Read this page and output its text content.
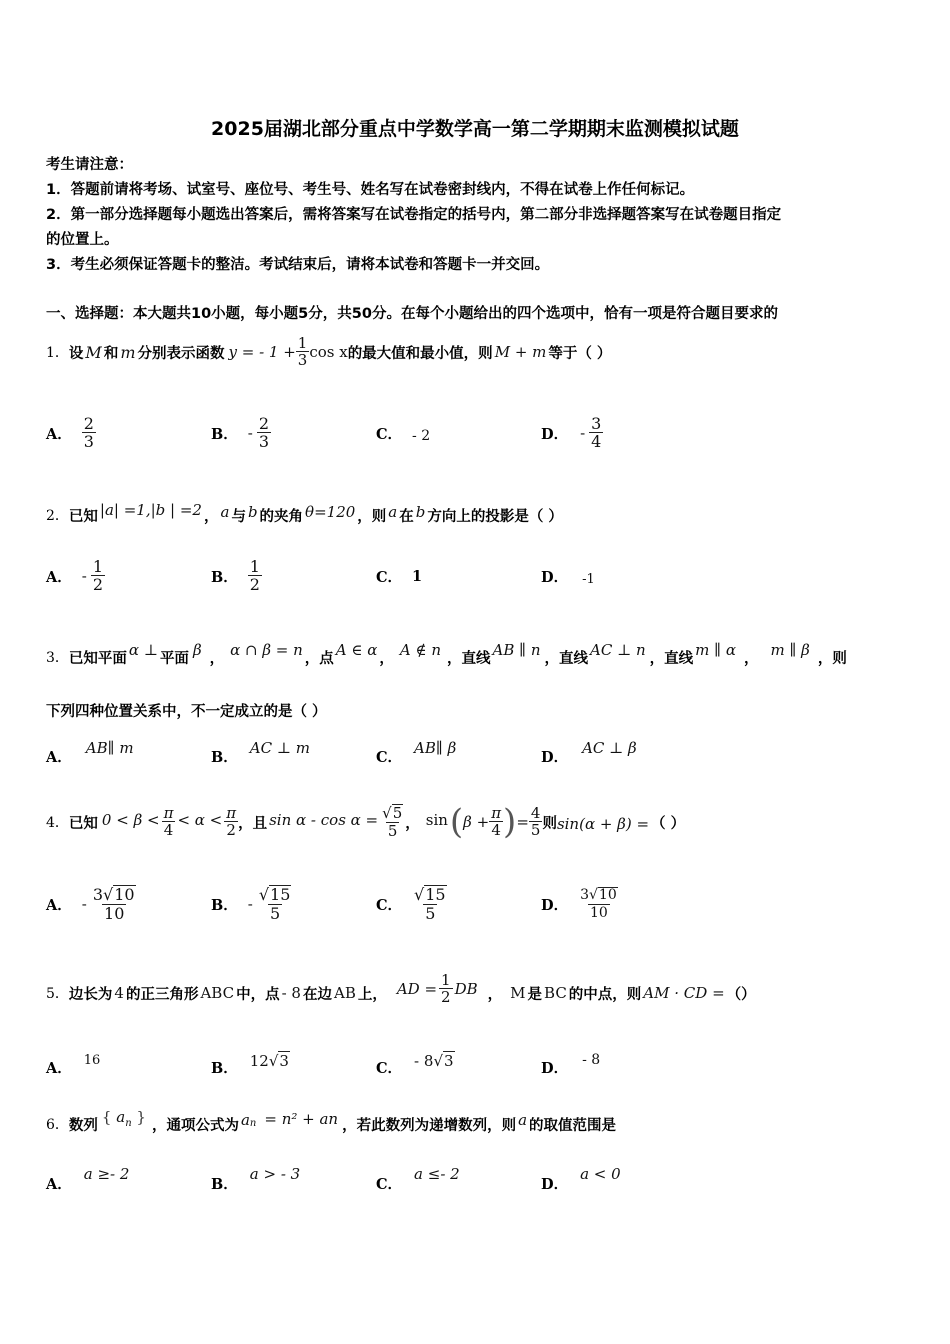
2025届湖北部分重点中学数学高一第二学期期末监测模拟试题
考生请注意：
1．答题前请将考场、试室号、座位号、考生号、姓名写在试卷密封线内，不得在试卷上作任何标记。
2．第一部分选择题每小题选出答案后，需将答案写在试卷指定的括号内，第二部分非选择题答案写在试卷题目指定
的位置上。
3．考生必须保证答题卡的整洁。考试结束后，请将本试卷和答题卡一并交回。
一、选择题：本大题共10小题，每小题5分，共50分。在每个小题给出的四个选项中，恰有一项是符合题目要求的
1． 设 M 和 m 分别表示函数 y = - $1 + \frac{1}{3}$ cos x 的最大值和最小值，则 M + m 等于（ ）
A． $\frac{2}{3}$	B． - $\frac{2}{3}$	C． - 2	D． - $\frac{3}{4}$
2． 已知 |a| =1,|b | =2 ， a 与 b 的夹角 θ=120 ，则 a 在 b 方向上的投影是（ ）
A． - $\frac{1}{2}$	B． $\frac{1}{2}$	C． 1	D． -1
3． 已知平面 α ⊥ 平面 β ， α ∩ β = n ，点 A ∈ α ， A ∉ n ，直线 AB ∥ n ，直线 AC ⊥ n ，直线 m ∥ α ， m ∥ β ，则
下列四种位置关系中，不一定成立的是（ ）
A． AB∥ m	B． AC ⊥ m	C． AB∥ β	D． AC ⊥ β
4． 已知 $0 < \beta < \frac{\pi}{4} < \alpha < \frac{\pi}{2}$ ，且 $\sin \alpha - \cos \alpha = \frac{√5}{5}$ ， sin ( $\beta + \frac{\pi}{4}$ ) = $\frac{4}{5}$ 则 sin(α + β) = （ ）
A． - $\frac{3√10}{10}$	B． - $\frac{√15}{5}$	C． $\frac{√15}{5}$	D． $\frac{3√10}{10}$
5． 边长为 4 的正三角形 ABC 中，点 - 8 在边 AB 上， AD = $\frac{1}{2}$ DB ， M 是 BC 的中点，则 AM · CD = （）
A． 16	B． 12√3	C． - 8√3	D． - 8
6． 数列 { $a_n$ } ，通项公式为 $a_n = n^2$ + an ，若此数列为递增数列，则 a 的取值范围是
A．
a ≥- 2
B．
a > - 3
C．
a ≤- 2
D．
a < 0
